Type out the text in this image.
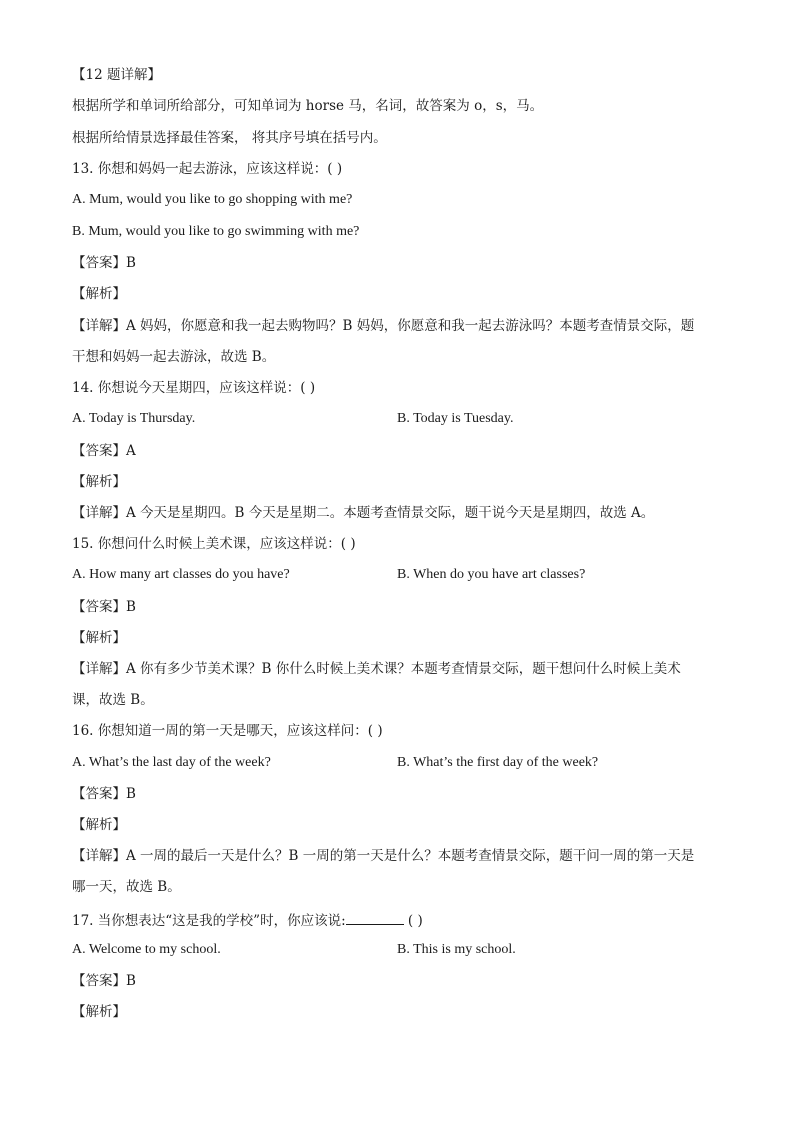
【12 题详解】
根据所学和单词所给部分，可知单词为 horse 马，名词，故答案为 o，s，马。
根据所给情景选择最佳答案， 将其序号填在括号内。
13. 你想和妈妈一起去游泳，应该这样说：( )
A. Mum, would you like to go shopping with me?
B. Mum, would you like to go swimming with me?
【答案】B
【解析】
【详解】A 妈妈，你愿意和我一起去购物吗？B 妈妈，你愿意和我一起去游泳吗？本题考查情景交际，题
干想和妈妈一起去游泳，故选 B。
14. 你想说今天星期四，应该这样说：( )
A. Today is Thursday.	B. Today is Tuesday.
【答案】A
【解析】
【详解】A 今天是星期四。B 今天是星期二。本题考查情景交际，题干说今天是星期四，故选 A。
15. 你想问什么时候上美术课，应该这样说：( )
A. How many art classes do you have?	B. When do you have art classes?
【答案】B
【解析】
【详解】A 你有多少节美术课？B 你什么时候上美术课？本题考查情景交际，题干想问什么时候上美术
课，故选 B。
16. 你想知道一周的第一天是哪天，应该这样问：( )
A. What’s the last day of the week?	B. What’s the first day of the week?
【答案】B
【解析】
【详解】A 一周的最后一天是什么？B 一周的第一天是什么？本题考查情景交际，题干问一周的第一天是
哪一天，故选 B。
17. 当你想表达“这是我的学校”时，你应该说:	( )
A. Welcome to my school.	B. This is my school.
【答案】B
【解析】
